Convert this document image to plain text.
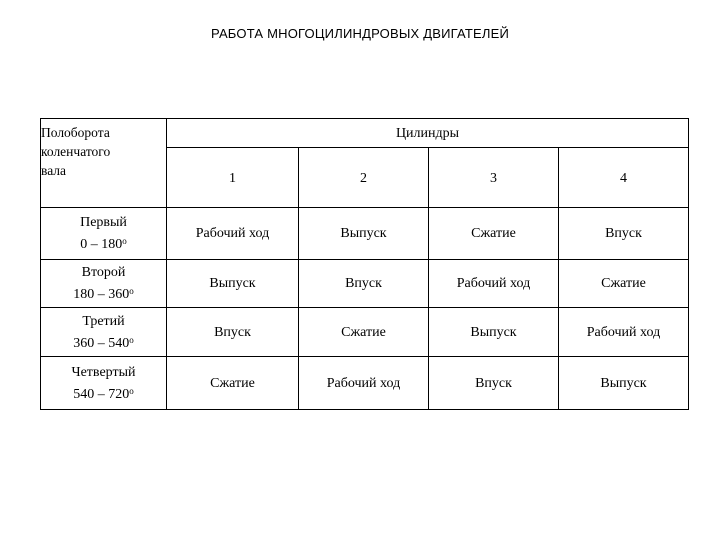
РАБОТА МНОГОЦИЛИНДРОВЫХ ДВИГАТЕЛЕЙ
Полоборота
коленчатого
вала
Цилиндры
1	2	3	4
Первый
0 – 180$^o$	Рабочий ход	Выпуск	Сжатие	Впуск
Второй
180 – 360$^o$	Выпуск	Впуск	Рабочий ход	Сжатие
Третий
360 – 540$^o$	Впуск	Сжатие	Выпуск	Рабочий ход
Четвертый
540 – 720$^o$	Сжатие	Рабочий ход	Впуск	Выпуск
